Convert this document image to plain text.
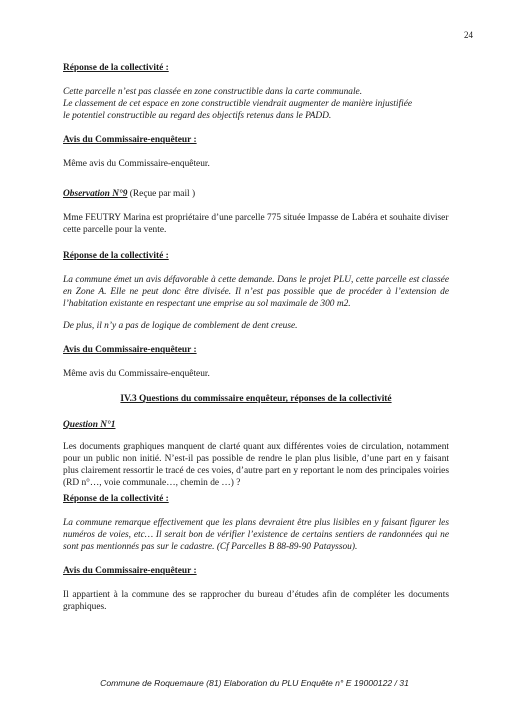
24

Réponse de la collectivité :

Cette parcelle n’est pas classée en zone constructible dans la carte communale.

Le classement de cet espace en zone constructible viendrait augmenter de manière injustifiée

le potentiel constructible au regard des objectifs retenus dans le PADD.

Avis du Commissaire-enquêteur :

Même avis du Commissaire-enquêteur.

Observation N°9 (Reçue par mail )

Mme FEUTRY Marina est propriétaire d’une parcelle 775 située Impasse de Labéra et souhaite diviser cette parcelle pour la vente.

Réponse de la collectivité :

La commune émet un avis défavorable à cette demande. Dans le projet PLU, cette parcelle est classée en Zone A. Elle ne peut donc être divisée. Il n’est pas possible que de procéder à l’extension de l’habitation existante en respectant une emprise au sol maximale de 300 m2.

De plus, il n’y a pas de logique de comblement de dent creuse.

Avis du Commissaire-enquêteur :

Même avis du Commissaire-enquêteur.

IV.3 Questions du commissaire enquêteur, réponses de la collectivité

Question N°1

Les documents graphiques manquent de clarté quant aux différentes voies de circulation, notamment pour un public non initié. N’est-il pas possible de rendre le plan plus lisible, d’une part en y faisant plus clairement ressortir le tracé de ces voies, d’autre part en y reportant le nom des principales voiries (RD n°…, voie communale…, chemin de …) ?

Réponse de la collectivité :

La commune remarque effectivement que les plans devraient être plus lisibles en y faisant figurer les numéros de voies, etc… Il serait bon de vérifier l’existence de certains sentiers de randonnées qui ne sont pas mentionnés pas sur le cadastre. (Cf Parcelles B 88-89-90 Patayssou).

Avis du Commissaire-enquêteur :

Il appartient à la commune des se rapprocher du bureau d’études afin de compléter les documents graphiques.

Commune de Roquemaure (81) Elaboration du PLU Enquête n° E 19000122 / 31
